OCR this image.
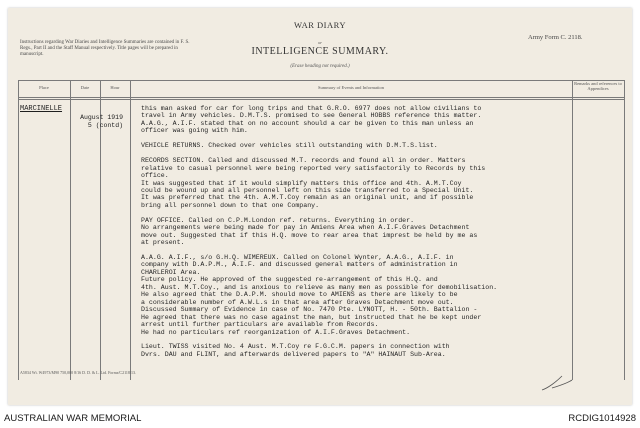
Instructions regarding War Diaries and Intelligence Summaries are contained in F. S. Regs., Part II and the Staff Manual respectively. Title pages will be prepared in manuscript.
WAR DIARY
or
INTELLIGENCE SUMMARY.
(Erase heading not required.)
Army Form C. 2118.
Place	Date	Hour	Summary of Events and Information
Remarks and references to Appendices
MARCINELLE
August 1919
5 (contd)
this man asked for car for long trips and that G.R.O. 6977 does not allow civilians to
travel in Army vehicles. D.M.T.S. promised to see General HOBBS reference this matter.
A.A.G., A.I.F. stated that on no account should a car be given to this man unless an
officer was going with him.
VEHICLE RETURNS. Checked over vehicles still outstanding with D.M.T.S.list.
RECORDS SECTION. Called and discussed M.T. records and found all in order. Matters
relative to casual personnel were being reported very satisfactorily to Records by this
office.
It was suggested that if it would simplify matters this office and 4th. A.M.T.Coy
could be wound up and all personnel left on this side transferred to a Special Unit.
It was preferred that the 4th. A.M.T.Coy remain as an original unit, and if possible
bring all personnel down to that one Company.
PAY OFFICE. Called on C.P.M.London ref. returns. Everything in order.
No arrangements were being made for pay in Amiens Area when A.I.F.Graves Detachment
move out. Suggested that if this H.Q. move to rear area that imprest be held by me as
at present.
A.A.G. A.I.F., s/o G.H.Q. WIMEREUX. Called on Colonel Wynter, A.A.G., A.I.F. in
company with D.A.P.M., A.I.F. and discussed general matters of administration in
CHARLEROI Area.
Future policy. He approved of the suggested re-arrangement of this H.Q. and
4th. Aust. M.T.Coy., and is anxious to relieve as many men as possible for demobilisation.
He also agreed that the D.A.P.M. should move to AMIENS as there are likely to be
a considerable number of A.W.L.s in that area after Graves Detachment move out.
Discussed Summary of Evidence in case of No. 7470 Pte. LYNOTT, H. - 50th. Battalion -
He agreed that there was no case against the man, but instructed that he be kept under
arrest until further particulars are available from Records.
He had no particulars ref reorganization of A.I.F.Graves Detachment.
Lieut. TWISS visited No. 4 Aust. M.T.Coy re F.G.C.M. papers in connection with
Dvrs. DAU and FLINT, and afterwards delivered papers to "A" HAINAUT Sub-Area.
A5834 Wt. W4973/M90 750,000 8/16 D. D. & L. Ltd. Forms/C2118/13.
AUSTRALIAN WAR MEMORIAL	RCDIG1014928
